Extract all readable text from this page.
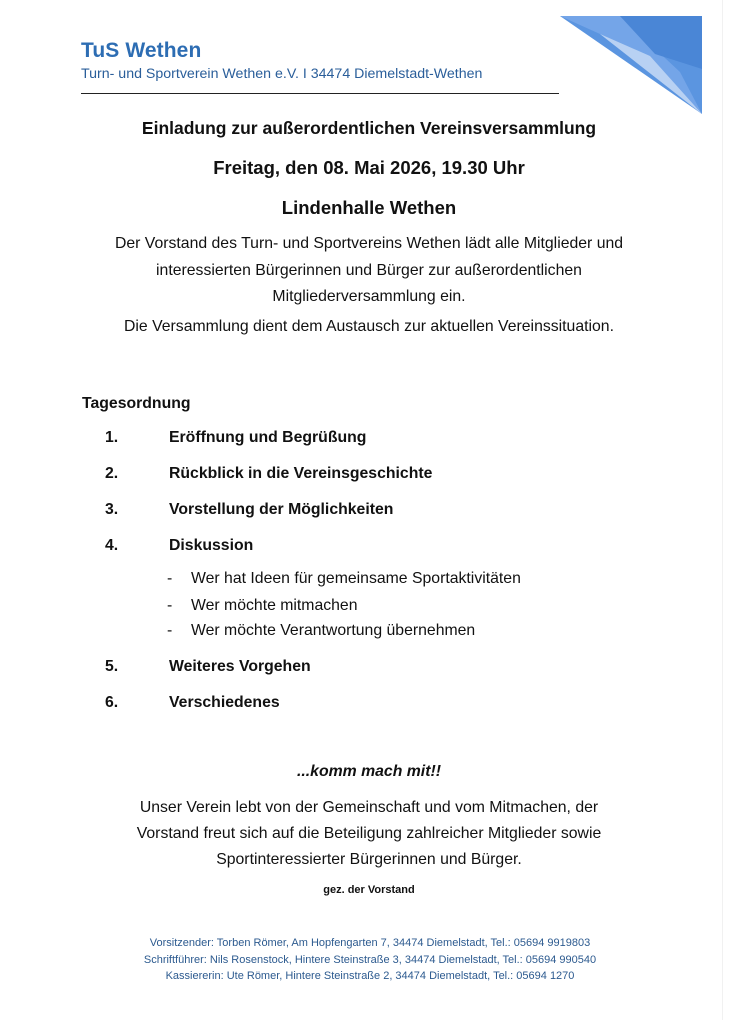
TuS Wethen
Turn- und Sportverein Wethen e.V. I 34474 Diemelstadt-Wethen
Einladung zur außerordentlichen Vereinsversammlung
Freitag, den 08. Mai 2026, 19.30 Uhr
Lindenhalle Wethen
Der Vorstand des Turn- und Sportvereins Wethen lädt alle Mitglieder und
interessierten Bürgerinnen und Bürger zur außerordentlichen
Mitgliederversammlung ein.
Die Versammlung dient dem Austausch zur aktuellen Vereinssituation.
Tagesordnung
1.	Eröffnung und Begrüßung
2.	Rückblick in die Vereinsgeschichte
3.	Vorstellung der Möglichkeiten
4.	Diskussion
- Wer hat Ideen für gemeinsame Sportaktivitäten
- Wer möchte mitmachen
- Wer möchte Verantwortung übernehmen
5.	Weiteres Vorgehen
6.	Verschiedenes
...komm mach mit!!
Unser Verein lebt von der Gemeinschaft und vom Mitmachen, der
Vorstand freut sich auf die Beteiligung zahlreicher Mitglieder sowie
Sportinteressierter Bürgerinnen und Bürger.
gez. der Vorstand
Vorsitzender: Torben Römer, Am Hopfengarten 7, 34474 Diemelstadt, Tel.: 05694 9919803
Schriftführer: Nils Rosenstock, Hintere Steinstraße 3, 34474 Diemelstadt, Tel.: 05694 990540
Kassiererin: Ute Römer, Hintere Steinstraße 2, 34474 Diemelstadt, Tel.: 05694 1270
